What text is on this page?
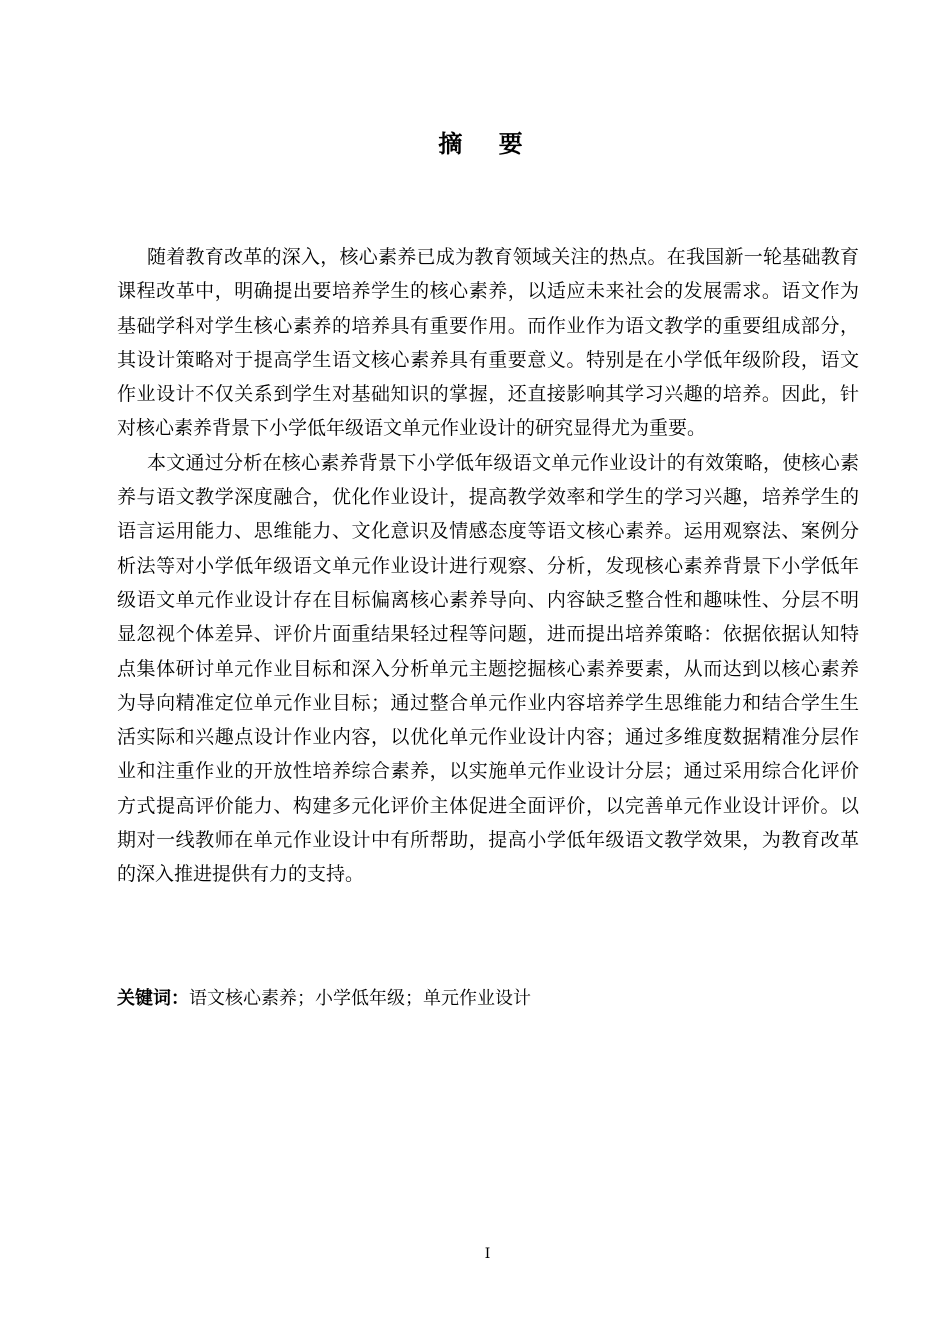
摘 要
随着教育改革的深入，核心素养已成为教育领域关注的热点。在我国新一轮基础教育
课程改革中，明确提出要培养学生的核心素养，以适应未来社会的发展需求。语文作为
基础学科对学生核心素养的培养具有重要作用。而作业作为语文教学的重要组成部分，
其设计策略对于提高学生语文核心素养具有重要意义。特别是在小学低年级阶段，语文
作业设计不仅关系到学生对基础知识的掌握，还直接影响其学习兴趣的培养。因此，针
对核心素养背景下小学低年级语文单元作业设计的研究显得尤为重要。
本文通过分析在核心素养背景下小学低年级语文单元作业设计的有效策略，使核心素
养与语文教学深度融合，优化作业设计，提高教学效率和学生的学习兴趣，培养学生的
语言运用能力、思维能力、文化意识及情感态度等语文核心素养。运用观察法、案例分
析法等对小学低年级语文单元作业设计进行观察、分析，发现核心素养背景下小学低年
级语文单元作业设计存在目标偏离核心素养导向、内容缺乏整合性和趣味性、分层不明
显忽视个体差异、评价片面重结果轻过程等问题，进而提出培养策略：依据依据认知特
点集体研讨单元作业目标和深入分析单元主题挖掘核心素养要素，从而达到以核心素养
为导向精准定位单元作业目标；通过整合单元作业内容培养学生思维能力和结合学生生
活实际和兴趣点设计作业内容，以优化单元作业设计内容；通过多维度数据精准分层作
业和注重作业的开放性培养综合素养，以实施单元作业设计分层；通过采用综合化评价
方式提高评价能力、构建多元化评价主体促进全面评价，以完善单元作业设计评价。以
期对一线教师在单元作业设计中有所帮助，提高小学低年级语文教学效果，为教育改革
的深入推进提供有力的支持。
关键词：语文核心素养；小学低年级；单元作业设计
I
